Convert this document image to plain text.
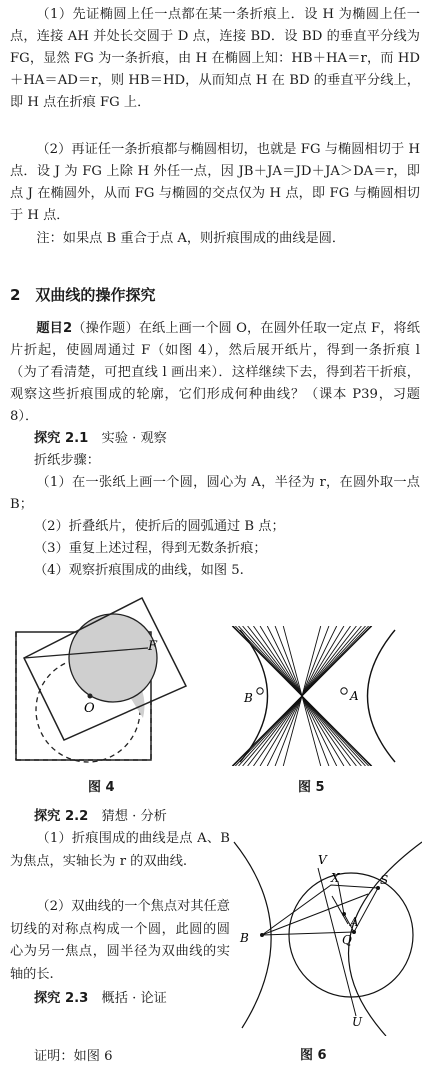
（1）先证椭圆上任一点都在某一条折痕上．设 H 为椭圆上任一点，连接 AH 并处长交圆于 D 点，连接 BD．设 BD 的垂直平分线为 FG，显然 FG 为一条折痕，由 H 在椭圆上知：HB＋HA＝r，而 HD＋HA＝AD＝r，则 HB＝HD，从而知点 H 在 BD 的垂直平分线上，即 H 点在折痕 FG 上．

（2）再证任一条折痕都与椭圆相切，也就是 FG 与椭圆相切于 H 点．设 J 为 FG 上除 H 外任一点，因 JB＋JA＝JD＋JA＞DA＝r，即点 J 在椭圆外，从而 FG 与椭圆的交点仅为 H 点，即 FG 与椭圆相切于 H 点．

注：如果点 B 重合于点 A，则折痕围成的曲线是圆．

2　双曲线的操作探究

题目2（操作题）在纸上画一个圆 O，在圆外任取一定点 F，将纸片折起，使圆周通过 F（如图 4），然后展开纸片，得到一条折痕 l（为了看清楚，可把直线 l 画出来）．这样继续下去，得到若干折痕，观察这些折痕围成的轮廓，它们形成何种曲线？（课本 P39，习题 8）．

探究 2.1　 实验 · 观察
折纸步骤：

（1）在一张纸上画一个圆，圆心为 A，半径为 r，在圆外取一点 B；

（2）折叠纸片，使折后的圆弧通过 B 点；
（3）重复上述过程，得到无数条折痕；
（4）观察折痕围成的曲线，如图 5.
O
F
图 4
B	A
图 5
探究 2.2　 猜想 · 分析
（1）折痕围成的曲线是点 A、B 为焦点，实轴长为 r 的双曲线.
（2）双曲线的一个焦点对其任意切线的对称点构成一个圆，此圆的圆心为另一焦点，圆半径为双曲线的实轴的长.
探究 2.3　 概括 · 论证
证明：如图 6
V
X	S
B
A
Q
U
图 6
